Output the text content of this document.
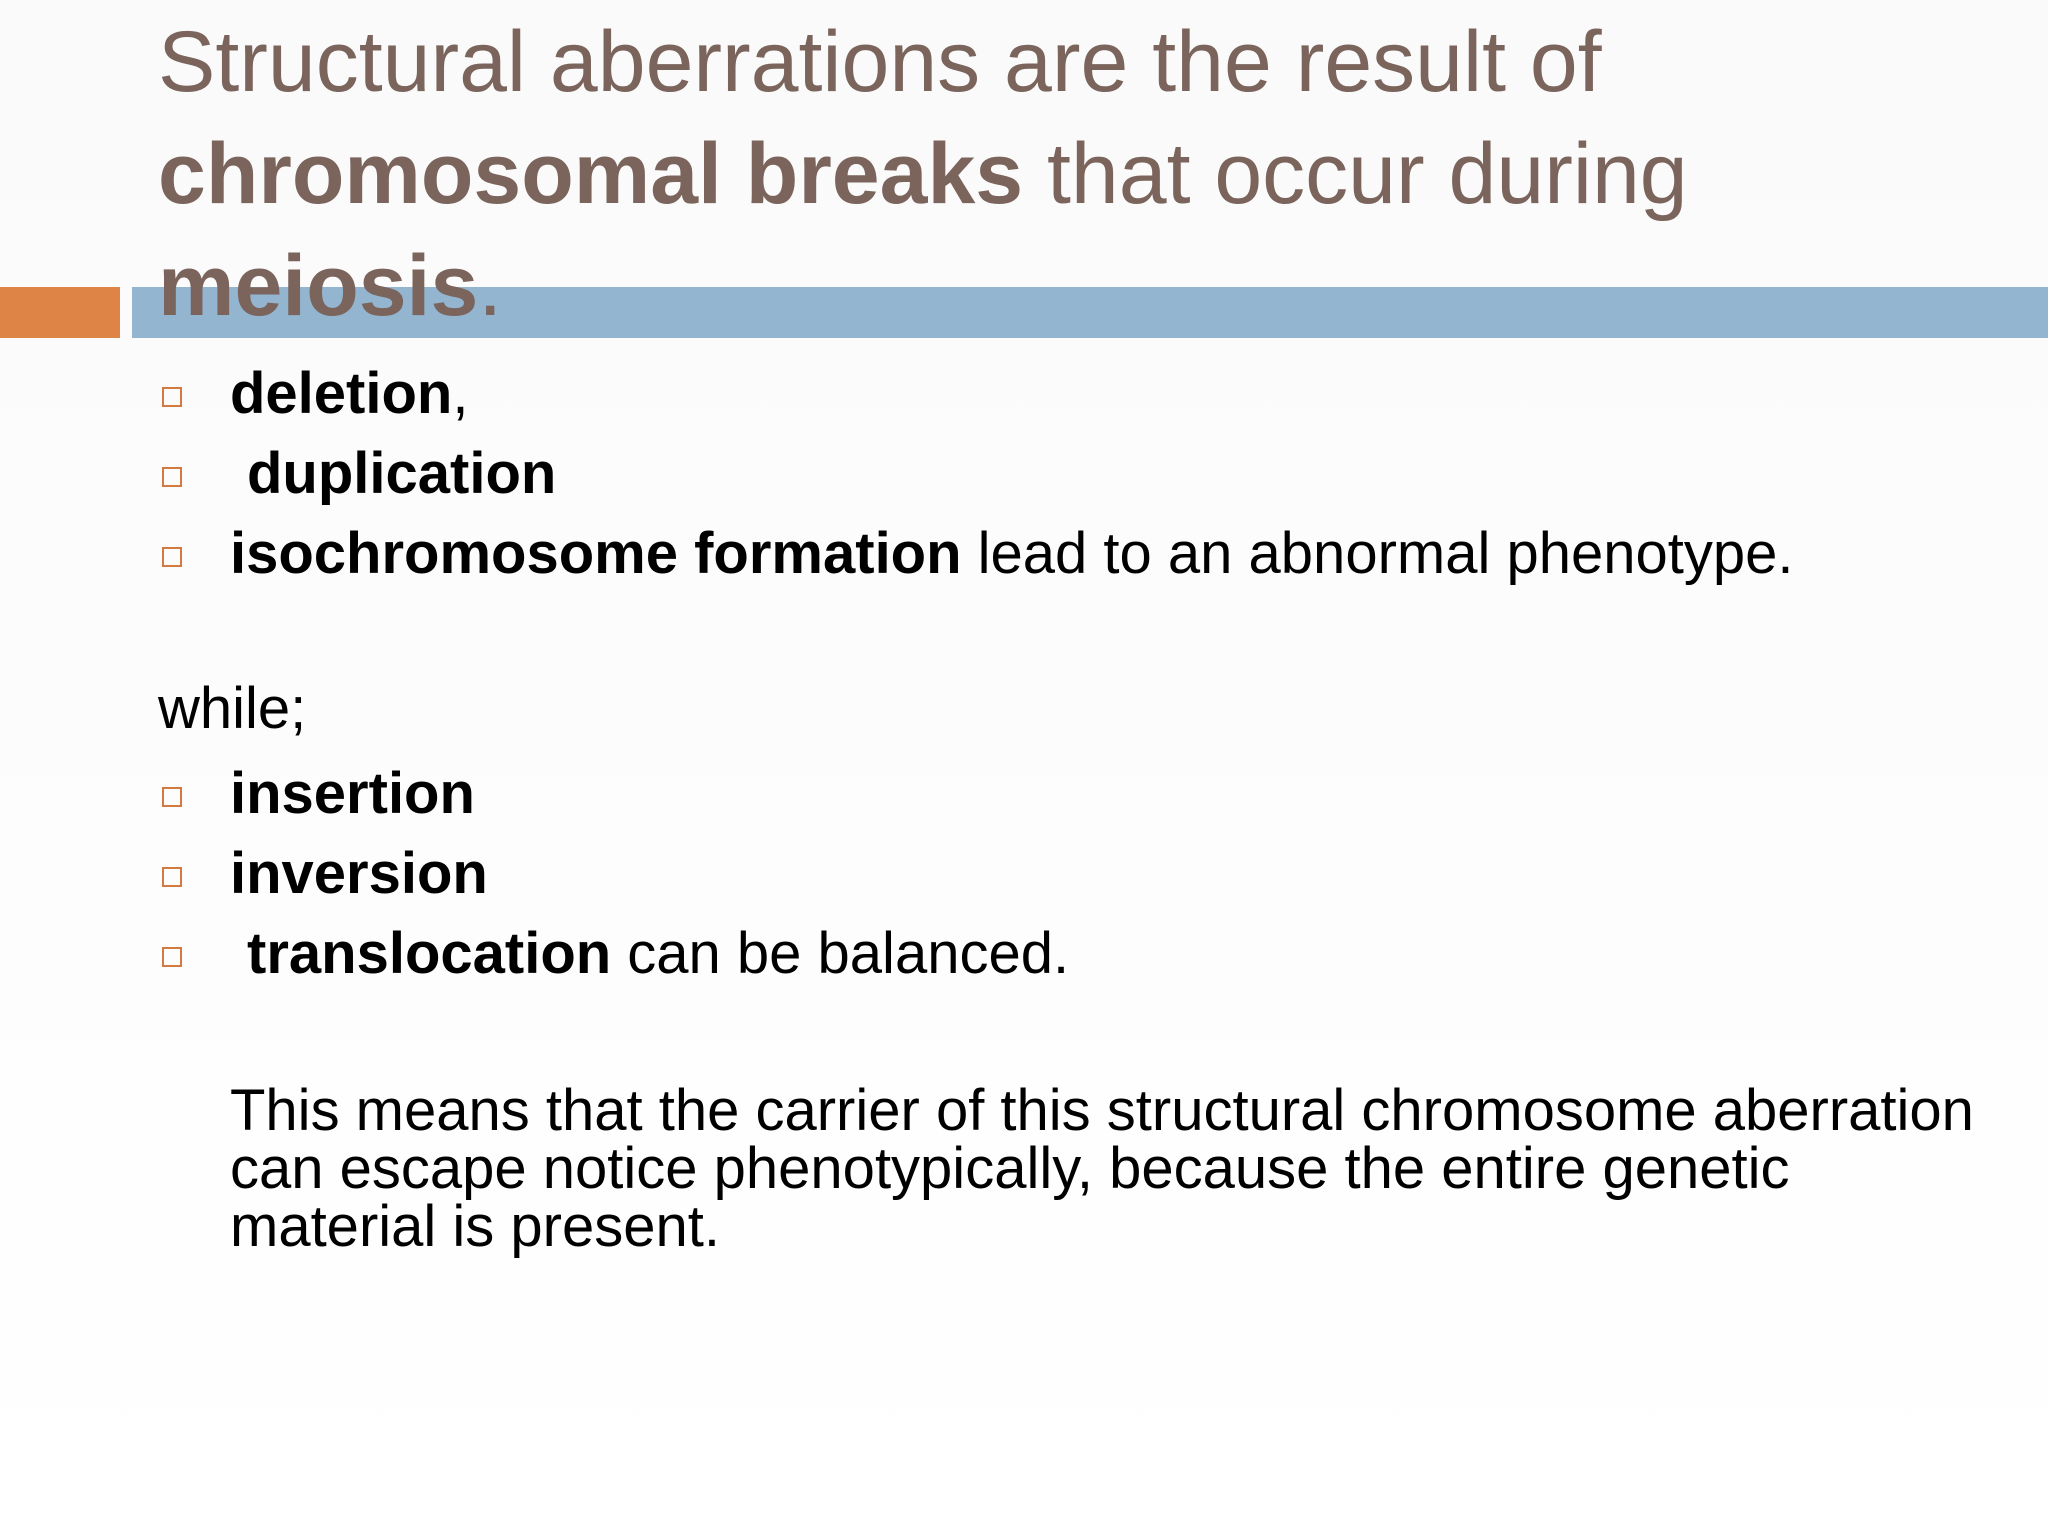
Structural aberrations are the result of chromosomal breaks that occur during meiosis.
deletion,
duplication
isochromosome formation lead to an abnormal phenotype.
while;
insertion
inversion
translocation can be balanced.

This means that the carrier of this structural chromosome aberration can escape notice phenotypically, because the entire genetic material is present.
